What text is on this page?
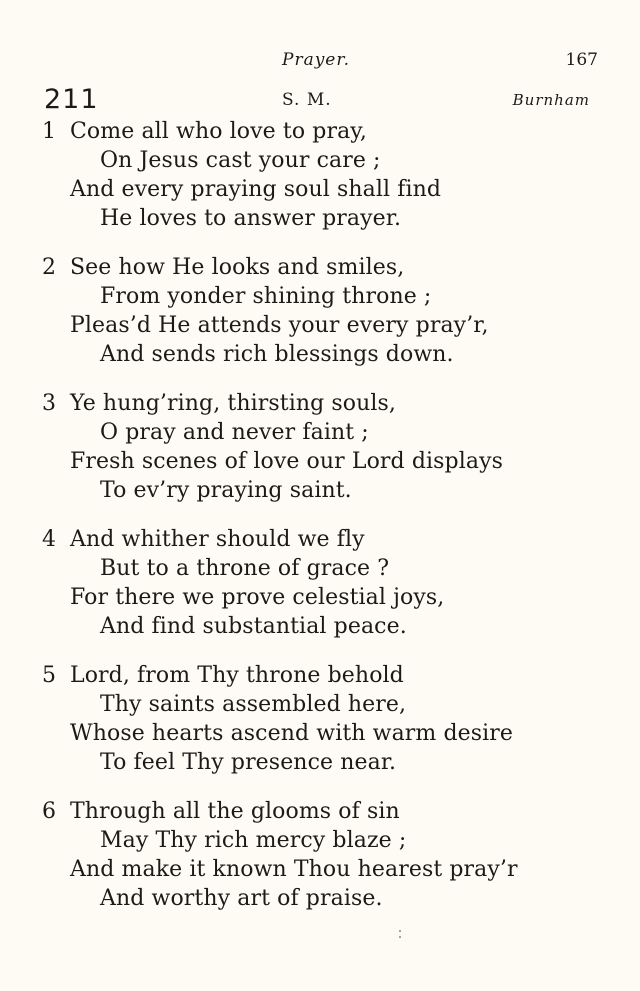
Prayer.	167
211	S. M.	Burnham
1 Come all who love to pray,
On Jesus cast your care ;
And every praying soul shall find
He loves to answer prayer.
2 See how He looks and smiles,
From yonder shining throne ;
Pleas’d He attends your every pray’r,
And sends rich blessings down.
3 Ye hung’ring, thirsting souls,
O pray and never faint ;
Fresh scenes of love our Lord displays
To ev’ry praying saint.
4 And whither should we fly
But to a throne of grace ?
For there we prove celestial joys,
And find substantial peace.
5 Lord, from Thy throne behold
Thy saints assembled here,
Whose hearts ascend with warm desire
To feel Thy presence near.
6 Through all the glooms of sin
May Thy rich mercy blaze ;
And make it known Thou hearest pray’r
And worthy art of praise.
